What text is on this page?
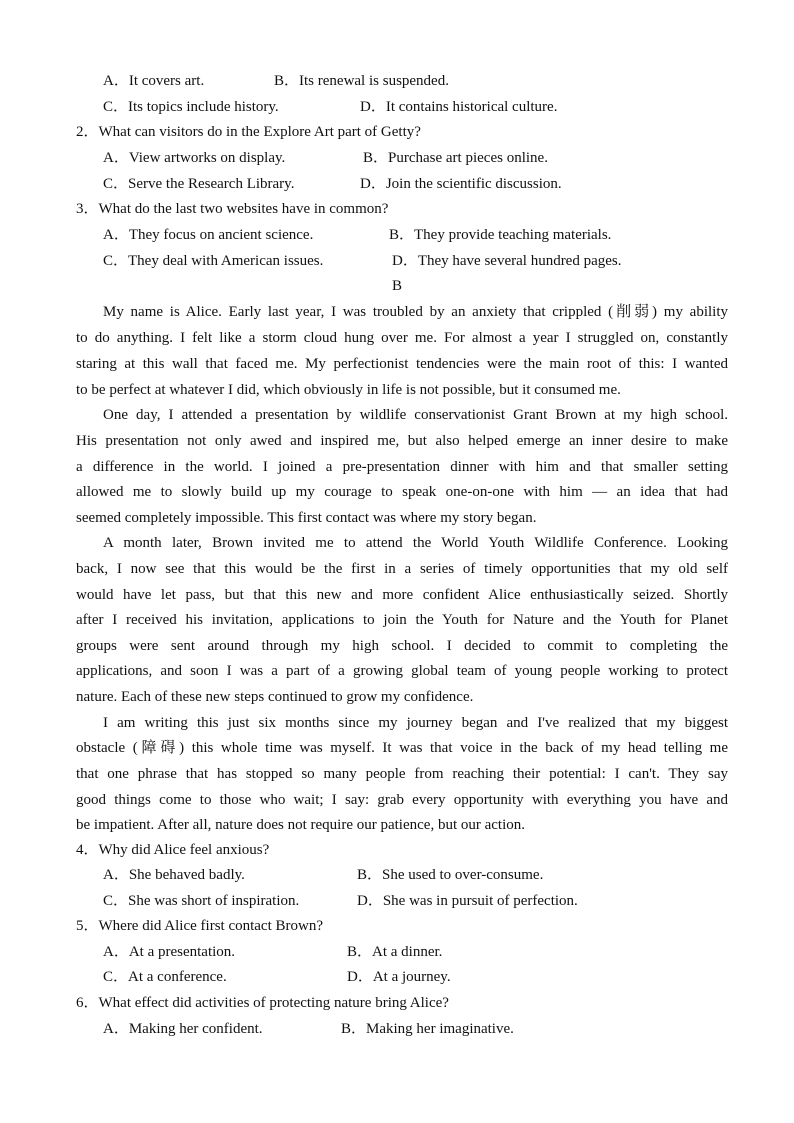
A．It covers art.	B．Its renewal is suspended.
C．Its topics include history.	D．It contains historical culture.
2．What can visitors do in the Explore Art part of Getty?
A．View artworks on display.	B．Purchase art pieces online.
C．Serve the Research Library.	D．Join the scientific discussion.
3．What do the last two websites have in common?
A．They focus on ancient science.	B．They provide teaching materials.
C．They deal with American issues.	D．They have several hundred pages.
B
My name is Alice. Early last year, I was troubled by an anxiety that crippled (削弱) my ability
to do anything. I felt like a storm cloud hung over me. For almost a year I struggled on, constantly
staring at this wall that faced me. My perfectionist tendencies were the main root of this: I wanted
to be perfect at whatever I did, which obviously in life is not possible, but it consumed me.
One day, I attended a presentation by wildlife conservationist Grant Brown at my high school.
His presentation not only awed and inspired me, but also helped emerge an inner desire to make
a difference in the world. I joined a pre-presentation dinner with him and that smaller setting
allowed me to slowly build up my courage to speak one-on-one with him — an idea that had
seemed completely impossible. This first contact was where my story began.
A month later, Brown invited me to attend the World Youth Wildlife Conference. Looking
back, I now see that this would be the first in a series of timely opportunities that my old self
would have let pass, but that this new and more confident Alice enthusiastically seized. Shortly
after I received his invitation, applications to join the Youth for Nature and the Youth for Planet
groups were sent around through my high school. I decided to commit to completing the
applications, and soon I was a part of a growing global team of young people working to protect
nature. Each of these new steps continued to grow my confidence.
I am writing this just six months since my journey began and I've realized that my biggest
obstacle (障碍) this whole time was myself. It was that voice in the back of my head telling me
that one phrase that has stopped so many people from reaching their potential: I can't. They say
good things come to those who wait; I say: grab every opportunity with everything you have and
be impatient. After all, nature does not require our patience, but our action.
4．Why did Alice feel anxious?
A．She behaved badly.	B．She used to over-consume.
C．She was short of inspiration.	D．She was in pursuit of perfection.
5．Where did Alice first contact Brown?
A．At a presentation.	B．At a dinner.
C．At a conference.	D．At a journey.
6．What effect did activities of protecting nature bring Alice?
A．Making her confident.	B．Making her imaginative.
